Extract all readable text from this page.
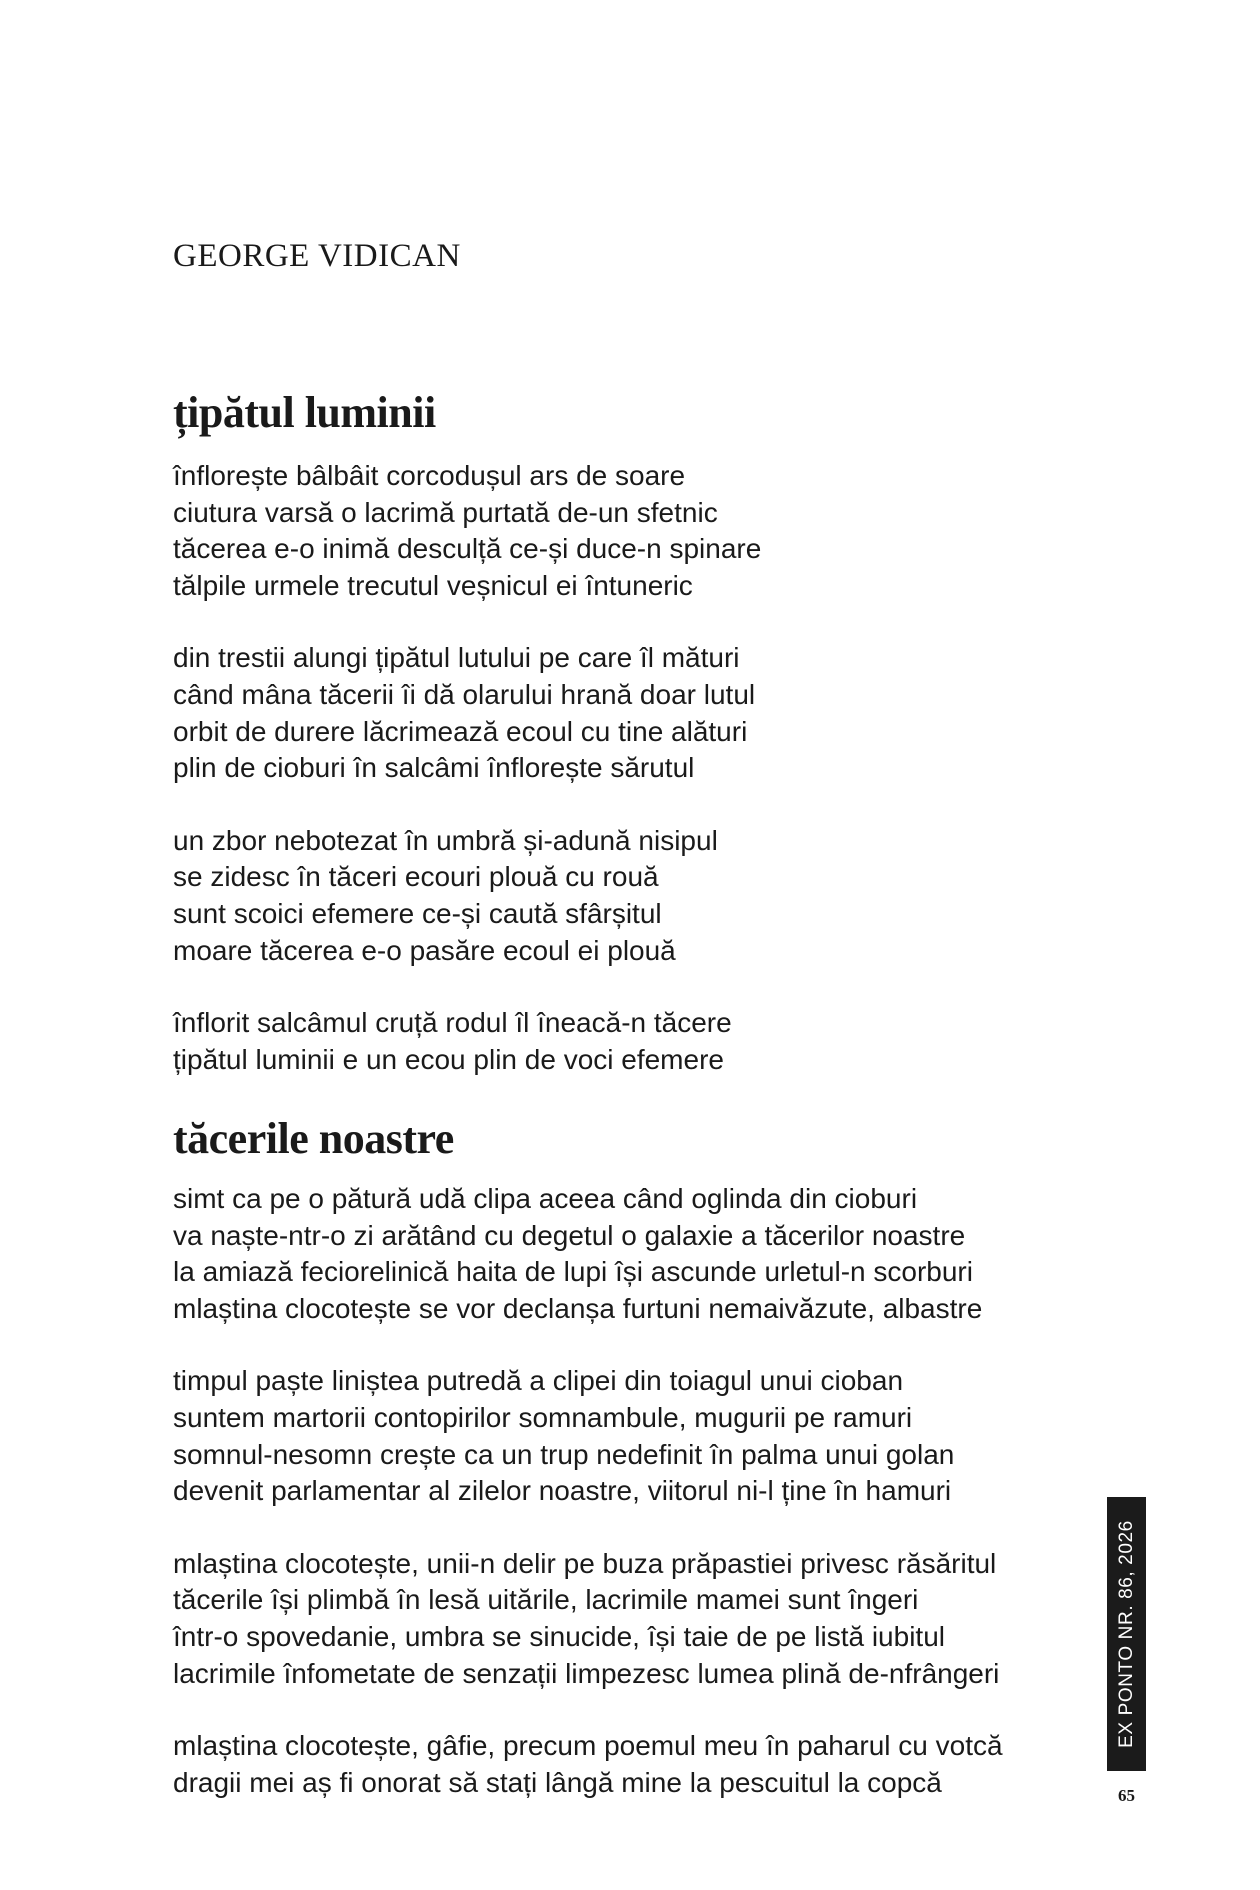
GEORGE VIDICAN
țipătul luminii
înflorește bâlbâit corcodușul ars de soare
ciutura varsă o lacrimă purtată de-un sfetnic
tăcerea e-o inimă desculță ce-și duce-n spinare
tălpile urmele trecutul veșnicul ei întuneric
din trestii alungi țipătul lutului pe care îl mături
când mâna tăcerii îi dă olarului hrană doar lutul
orbit de durere lăcrimează ecoul cu tine alături
plin de cioburi în salcâmi înflorește sărutul
un zbor nebotezat în umbră și-adună nisipul
se zidesc în tăceri ecouri plouă cu rouă
sunt scoici efemere ce-și caută sfârșitul
moare tăcerea e-o pasăre ecoul ei plouă
înflorit salcâmul cruță rodul îl îneacă-n tăcere
țipătul luminii e un ecou plin de voci efemere
tăcerile noastre
simt ca pe o pătură udă clipa aceea când oglinda din cioburi
va naște-ntr-o zi arătând cu degetul o galaxie a tăcerilor noastre
la amiază feciorelinică haita de lupi își ascunde urletul-n scorburi
mlaștina clocotește se vor declanșa furtuni nemaivăzute, albastre
timpul paște liniștea putredă a clipei din toiagul unui cioban
suntem martorii contopirilor somnambule, mugurii pe ramuri
somnul-nesomn crește ca un trup nedefinit în palma unui golan
devenit parlamentar al zilelor noastre, viitorul ni-l ține în hamuri
mlaștina clocotește, unii-n delir pe buza prăpastiei privesc răsăritul
tăcerile își plimbă în lesă uitările, lacrimile mamei sunt îngeri
într-o spovedanie, umbra se sinucide, își taie de pe listă iubitul
lacrimile înfometate de senzații limpezesc lumea plină de-nfrângeri
mlaștina clocotește, gâfie, precum poemul meu în paharul cu votcă
dragii mei aș fi onorat să stați lângă mine la pescuitul la copcă
EX PONTO NR. 86, 2026
65
